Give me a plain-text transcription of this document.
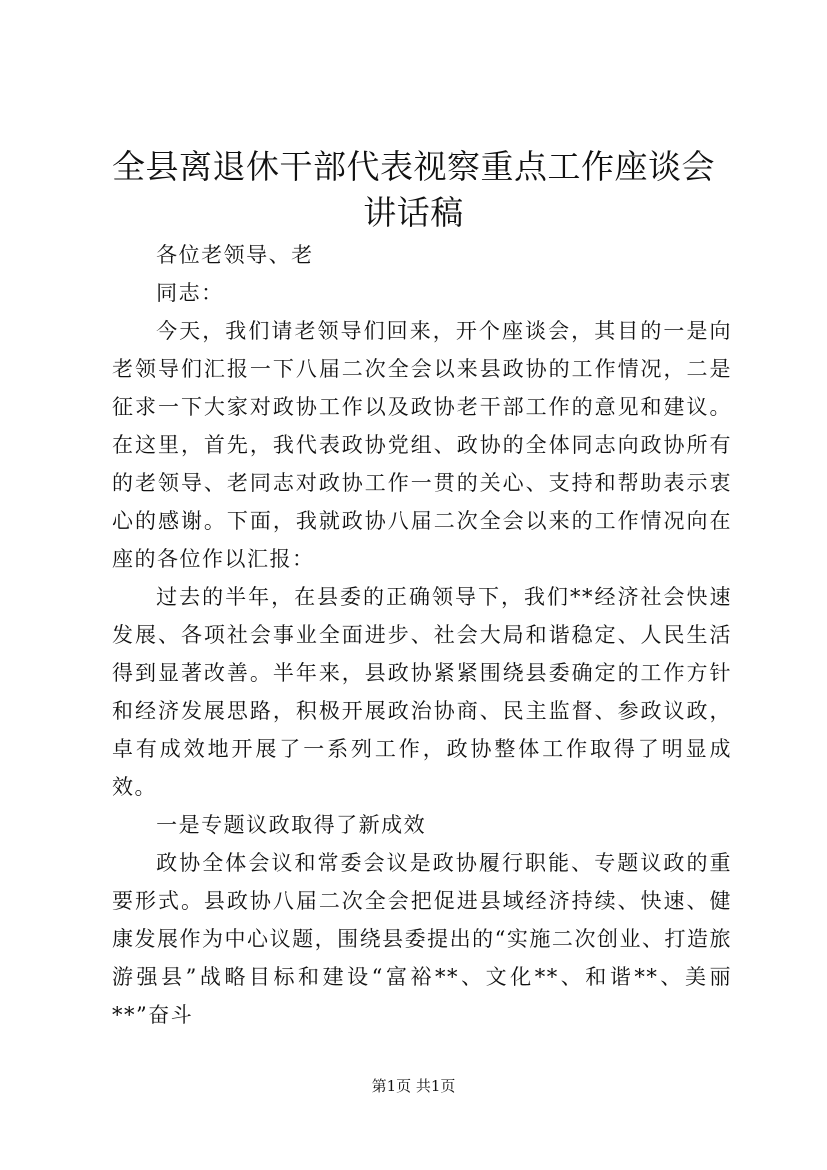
全县离退休干部代表视察重点工作座谈会讲话稿

各位老领导、老

同志：

今天，我们请老领导们回来，开个座谈会，其目的一是向老领导们汇报一下八届二次全会以来县政协的工作情况，二是征求一下大家对政协工作以及政协老干部工作的意见和建议。在这里，首先，我代表政协党组、政协的全体同志向政协所有的老领导、老同志对政协工作一贯的关心、支持和帮助表示衷心的感谢。下面，我就政协八届二次全会以来的工作情况向在座的各位作以汇报：

过去的半年，在县委的正确领导下，我们**经济社会快速发展、各项社会事业全面进步、社会大局和谐稳定、人民生活得到显著改善。半年来，县政协紧紧围绕县委确定的工作方针和经济发展思路，积极开展政治协商、民主监督、参政议政，卓有成效地开展了一系列工作，政协整体工作取得了明显成效。

一是专题议政取得了新成效

政协全体会议和常委会议是政协履行职能、专题议政的重要形式。县政协八届二次全会把促进县域经济持续、快速、健康发展作为中心议题，围绕县委提出的“实施二次创业、打造旅游强县”战略目标和建设“富裕**、文化**、和谐**、美丽**”奋斗

第1页 共1页
